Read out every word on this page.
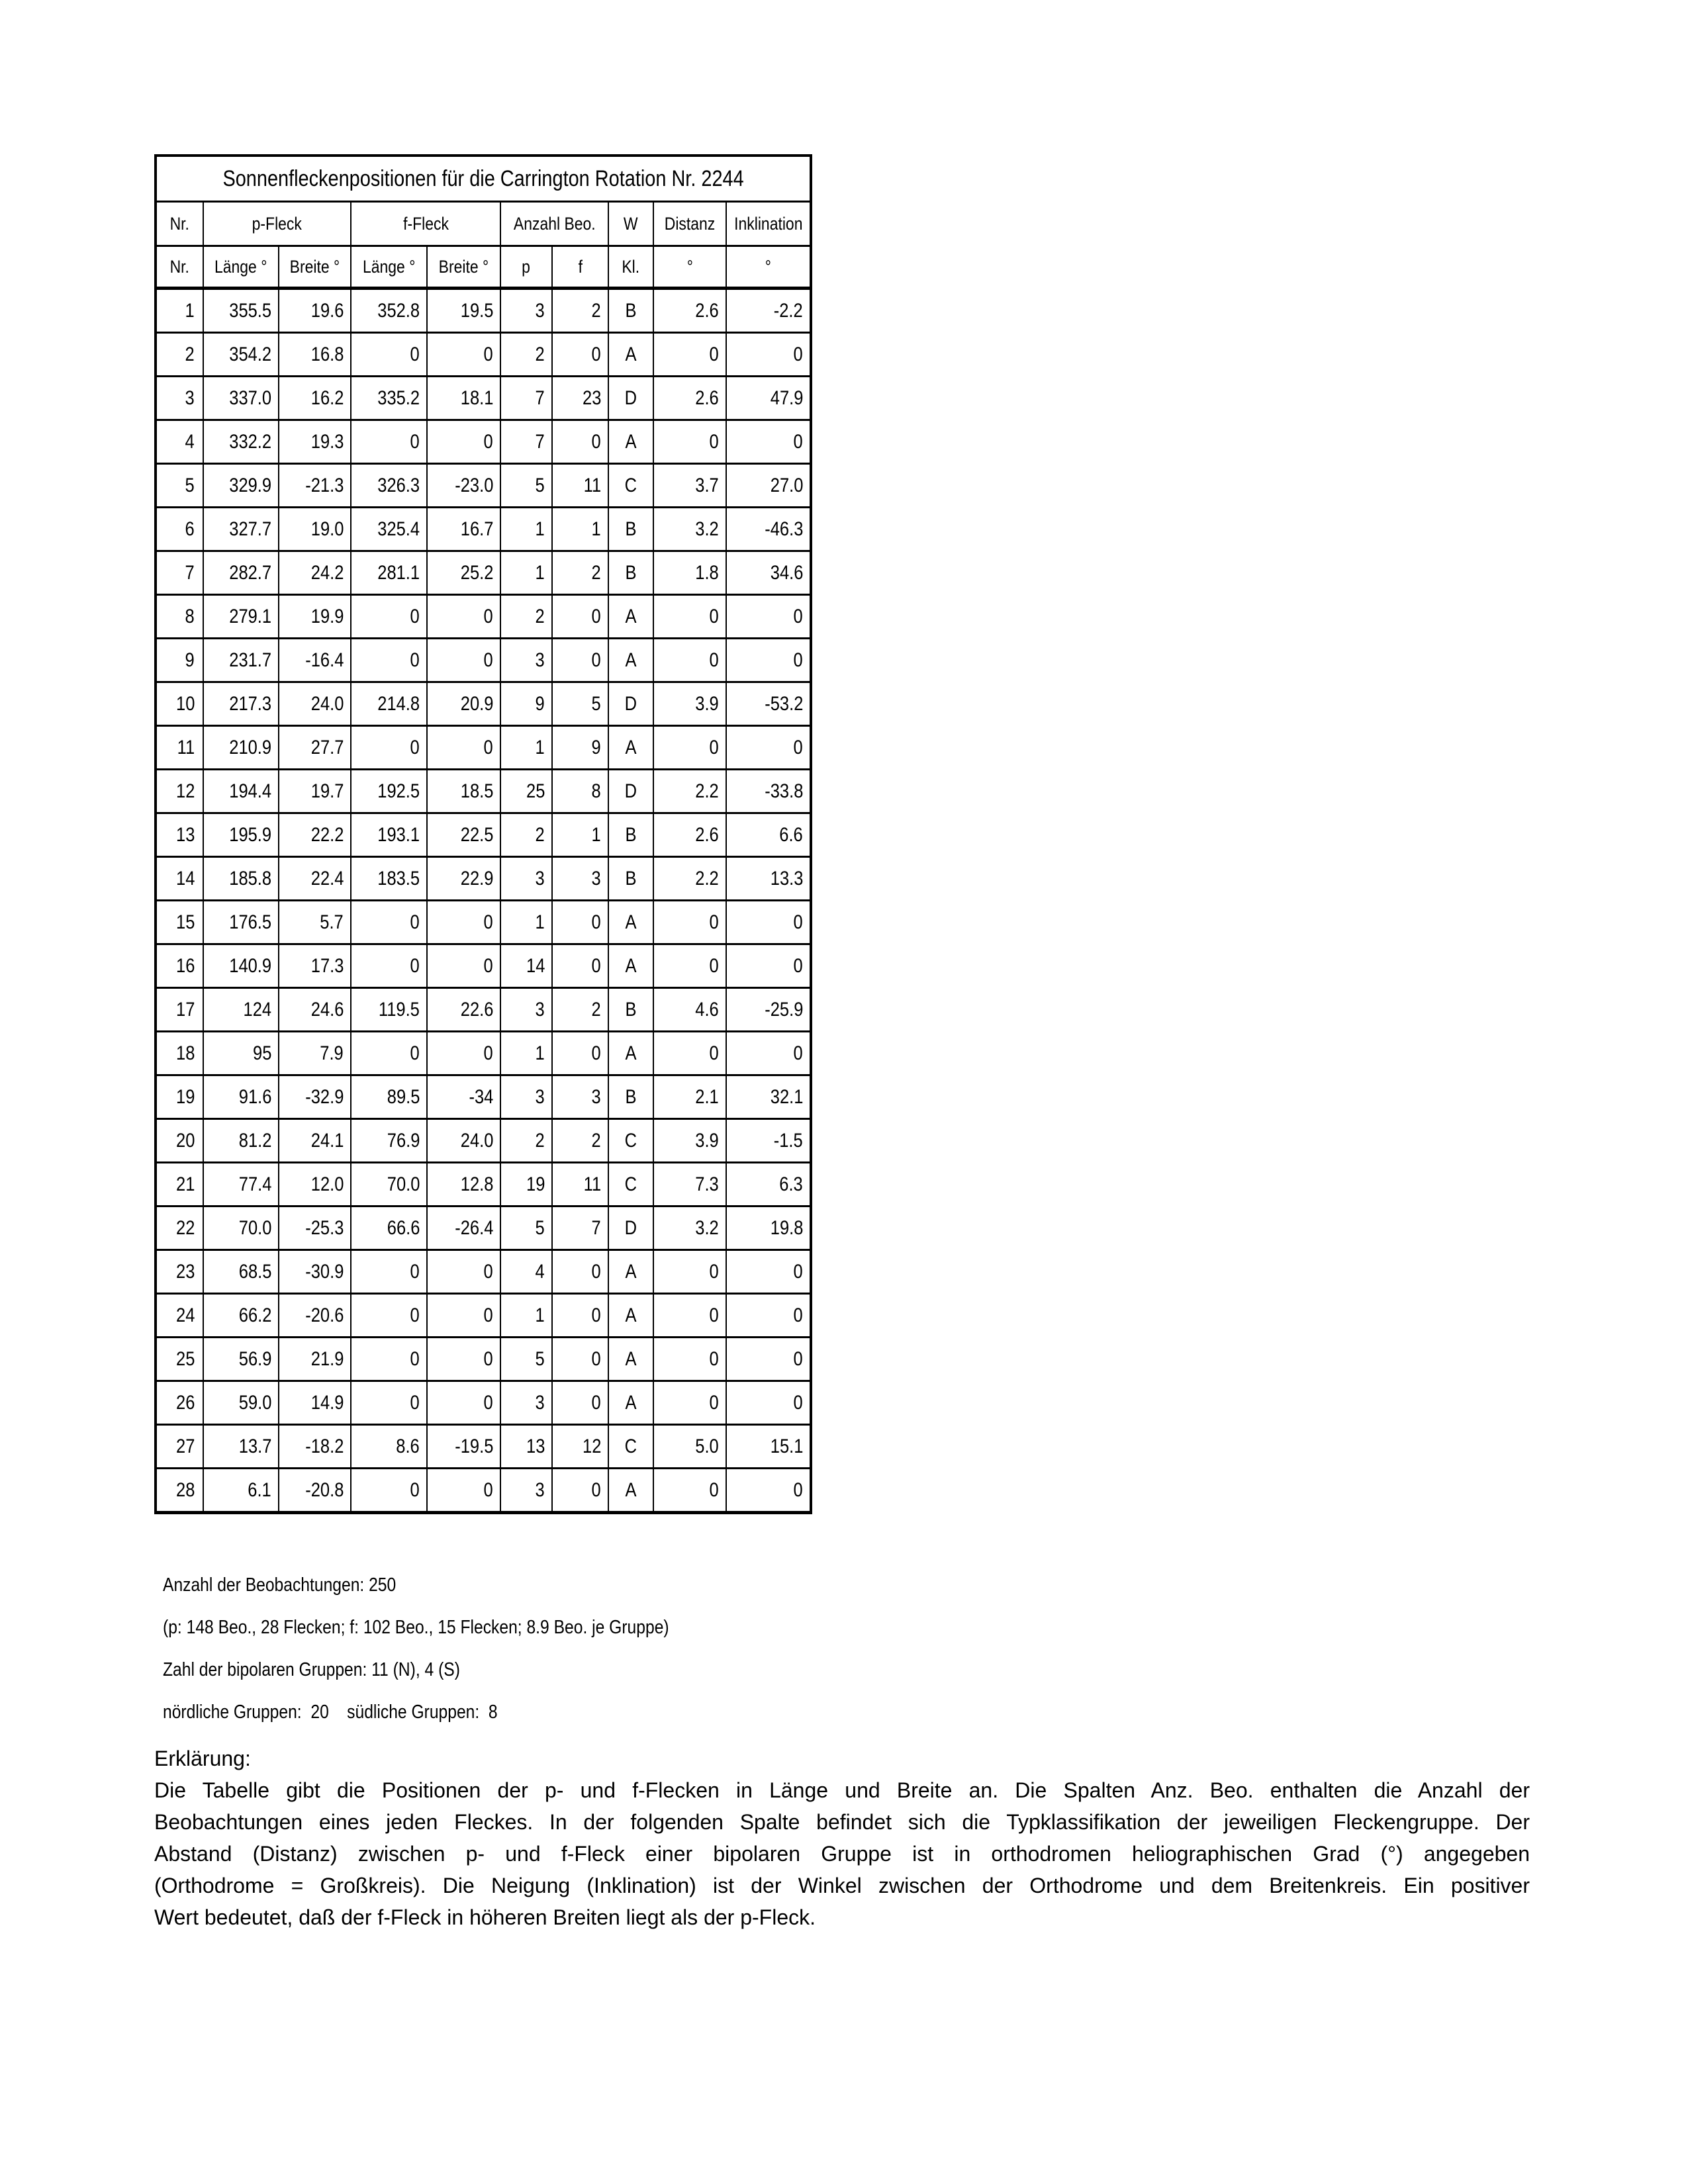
Sonnenfleckenpositionen für die Carrington Rotation Nr. 2244									
Nr.	p-Fleck		f-Fleck		Anzahl Beo.		W	Distanz	Inklination
Nr.	Länge °	Breite °	Länge °	Breite °	p	f	Kl.	°	°
1	355.5	19.6	352.8	19.5	3	2	B	2.6	-2.2
2	354.2	16.8	0	0	2	0	A	0	0
3	337.0	16.2	335.2	18.1	7	23	D	2.6	47.9
4	332.2	19.3	0	0	7	0	A	0	0
5	329.9	-21.3	326.3	-23.0	5	11	C	3.7	27.0
6	327.7	19.0	325.4	16.7	1	1	B	3.2	-46.3
7	282.7	24.2	281.1	25.2	1	2	B	1.8	34.6
8	279.1	19.9	0	0	2	0	A	0	0
9	231.7	-16.4	0	0	3	0	A	0	0
10	217.3	24.0	214.8	20.9	9	5	D	3.9	-53.2
11	210.9	27.7	0	0	1	9	A	0	0
12	194.4	19.7	192.5	18.5	25	8	D	2.2	-33.8
13	195.9	22.2	193.1	22.5	2	1	B	2.6	6.6
14	185.8	22.4	183.5	22.9	3	3	B	2.2	13.3
15	176.5	5.7	0	0	1	0	A	0	0
16	140.9	17.3	0	0	14	0	A	0	0
17	124	24.6	119.5	22.6	3	2	B	4.6	-25.9
18	95	7.9	0	0	1	0	A	0	0
19	91.6	-32.9	89.5	-34	3	3	B	2.1	32.1
20	81.2	24.1	76.9	24.0	2	2	C	3.9	-1.5
21	77.4	12.0	70.0	12.8	19	11	C	7.3	6.3
22	70.0	-25.3	66.6	-26.4	5	7	D	3.2	19.8
23	68.5	-30.9	0	0	4	0	A	0	0
24	66.2	-20.6	0	0	1	0	A	0	0
25	56.9	21.9	0	0	5	0	A	0	0
26	59.0	14.9	0	0	3	0	A	0	0
27	13.7	-18.2	8.6	-19.5	13	12	C	5.0	15.1
28	6.1	-20.8	0	0	3	0	A	0	0
Anzahl der Beobachtungen: 250
(p: 148 Beo., 28 Flecken; f: 102 Beo., 15 Flecken; 8.9 Beo. je Gruppe)
Zahl der bipolaren Gruppen: 11 (N), 4 (S)
nördliche Gruppen:  20    südliche Gruppen:  8
Erklärung:
Die Tabelle gibt die Positionen der p- und f-Flecken in Länge und Breite an. Die Spalten Anz. Beo. enthalten die Anzahl der
Beobachtungen eines jeden Fleckes. In der folgenden Spalte befindet sich die Typklassifikation der jeweiligen Fleckengruppe. Der
Abstand (Distanz) zwischen p- und f-Fleck einer bipolaren Gruppe ist in orthodromen heliographischen Grad (°) angegeben
(Orthodrome = Großkreis). Die Neigung (Inklination) ist der Winkel zwischen der Orthodrome und dem Breitenkreis. Ein positiver
Wert bedeutet, daß der f-Fleck in höheren Breiten liegt als der p-Fleck.
